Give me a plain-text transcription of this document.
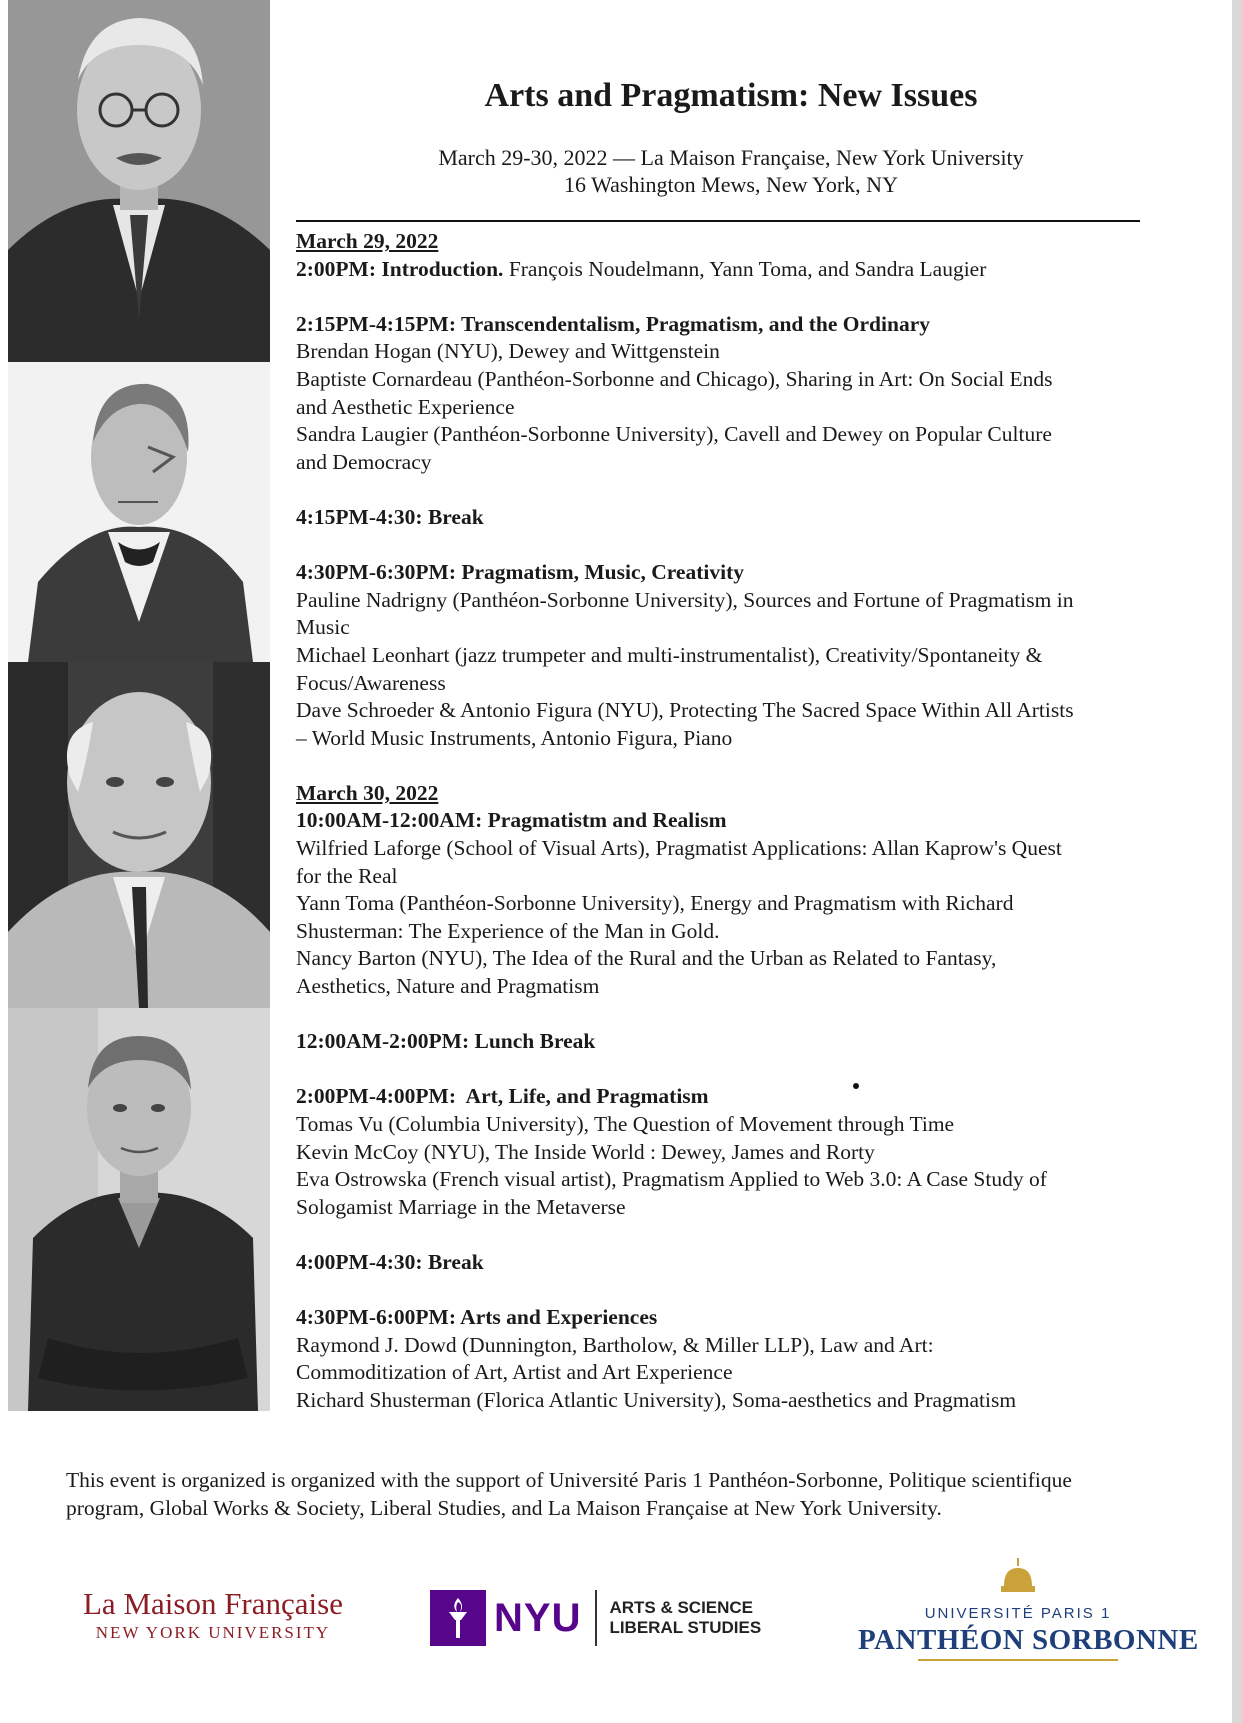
Arts and Pragmatism: New Issues
March 29-30, 2022 — La Maison Française, New York University
16 Washington Mews, New York, NY
March 29, 2022
2:00PM: Introduction. François Noudelmann, Yann Toma, and Sandra Laugier
2:15PM-4:15PM: Transcendentalism, Pragmatism, and the Ordinary
Brendan Hogan (NYU), Dewey and Wittgenstein
Baptiste Cornardeau (Panthéon-Sorbonne and Chicago), Sharing in Art: On Social Ends
and Aesthetic Experience
Sandra Laugier (Panthéon-Sorbonne University), Cavell and Dewey on Popular Culture
and Democracy
4:15PM-4:30: Break
4:30PM-6:30PM: Pragmatism, Music, Creativity
Pauline Nadrigny (Panthéon-Sorbonne University), Sources and Fortune of Pragmatism in
Music
Michael Leonhart (jazz trumpeter and multi-instrumentalist), Creativity/Spontaneity &
Focus/Awareness
Dave Schroeder & Antonio Figura (NYU), Protecting The Sacred Space Within All Artists
– World Music Instruments, Antonio Figura, Piano
March 30, 2022
10:00AM-12:00AM: Pragmatistm and Realism
Wilfried Laforge (School of Visual Arts), Pragmatist Applications: Allan Kaprow's Quest
for the Real
Yann Toma (Panthéon-Sorbonne University), Energy and Pragmatism with Richard
Shusterman: The Experience of the Man in Gold.
Nancy Barton (NYU), The Idea of the Rural and the Urban as Related to Fantasy,
Aesthetics, Nature and Pragmatism
12:00AM-2:00PM: Lunch Break
2:00PM-4:00PM:  Art, Life, and Pragmatism
Tomas Vu (Columbia University), The Question of Movement through Time
Kevin McCoy (NYU), The Inside World : Dewey, James and Rorty
Eva Ostrowska (French visual artist), Pragmatism Applied to Web 3.0: A Case Study of
Sologamist Marriage in the Metaverse
4:00PM-4:30: Break
4:30PM-6:00PM: Arts and Experiences
Raymond J. Dowd (Dunnington, Bartholow, & Miller LLP), Law and Art:
Commoditization of Art, Artist and Art Experience
Richard Shusterman (Florica Atlantic University), Soma-aesthetics and Pragmatism
This event is organized is organized with the support of Université Paris 1 Panthéon-Sorbonne, Politique scientifique
program, Global Works & Society, Liberal Studies, and La Maison Française at New York University.
La Maison Française
NEW YORK UNIVERSITY	NYU ARTS & SCIENCE
LIBERAL STUDIES
UNIVERSITÉ PARIS 1
PANTHÉON SORBONNE
